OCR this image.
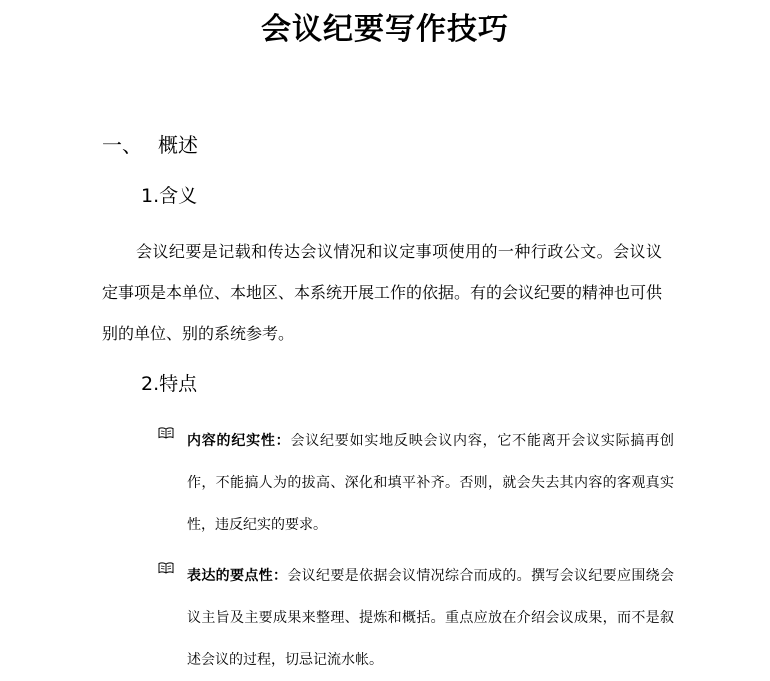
会议纪要写作技巧
一、 概述
1.含义
会议纪要是记载和传达会议情况和议定事项使用的一种行政公文。会议议定事项是本单位、本地区、本系统开展工作的依据。有的会议纪要的精神也可供别的单位、别的系统参考。
2.特点
内容的纪实性：会议纪要如实地反映会议内容，它不能离开会议实际搞再创作，不能搞人为的拔高、深化和填平补齐。否则，就会失去其内容的客观真实性，违反纪实的要求。
表达的要点性：会议纪要是依据会议情况综合而成的。撰写会议纪要应围绕会议主旨及主要成果来整理、提炼和概括。重点应放在介绍会议成果，而不是叙述会议的过程，切忌记流水帐。
